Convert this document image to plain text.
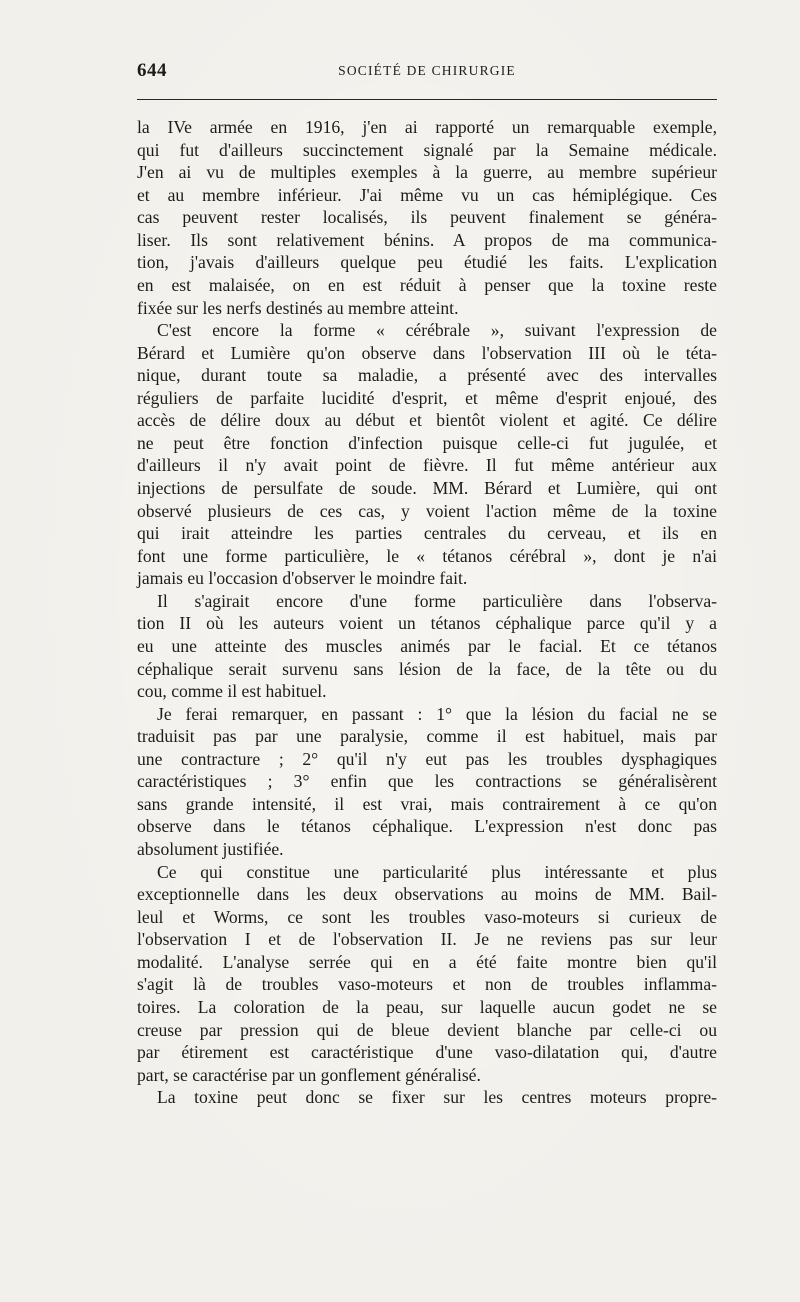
644	SOCIÉTÉ DE CHIRURGIE
la IVe armée en 1916, j'en ai rapporté un remarquable exemple,
qui fut d'ailleurs succinctement signalé par la Semaine médicale.
J'en ai vu de multiples exemples à la guerre, au membre supérieur
et au membre inférieur. J'ai même vu un cas hémiplégique. Ces
cas peuvent rester localisés, ils peuvent finalement se généra-
liser. Ils sont relativement bénins. A propos de ma communica-
tion, j'avais d'ailleurs quelque peu étudié les faits. L'explication
en est malaisée, on en est réduit à penser que la toxine reste
fixée sur les nerfs destinés au membre atteint.
C'est encore la forme « cérébrale », suivant l'expression de
Bérard et Lumière qu'on observe dans l'observation III où le téta-
nique, durant toute sa maladie, a présenté avec des intervalles
réguliers de parfaite lucidité d'esprit, et même d'esprit enjoué, des
accès de délire doux au début et bientôt violent et agité. Ce délire
ne peut être fonction d'infection puisque celle-ci fut jugulée, et
d'ailleurs il n'y avait point de fièvre. Il fut même antérieur aux
injections de persulfate de soude. MM. Bérard et Lumière, qui ont
observé plusieurs de ces cas, y voient l'action même de la toxine
qui irait atteindre les parties centrales du cerveau, et ils en
font une forme particulière, le « tétanos cérébral », dont je n'ai
jamais eu l'occasion d'observer le moindre fait.
Il s'agirait encore d'une forme particulière dans l'observa-
tion II où les auteurs voient un tétanos céphalique parce qu'il y a
eu une atteinte des muscles animés par le facial. Et ce tétanos
céphalique serait survenu sans lésion de la face, de la tête ou du
cou, comme il est habituel.
Je ferai remarquer, en passant : 1° que la lésion du facial ne se
traduisit pas par une paralysie, comme il est habituel, mais par
une contracture ; 2° qu'il n'y eut pas les troubles dysphagiques
caractéristiques ; 3° enfin que les contractions se généralisèrent
sans grande intensité, il est vrai, mais contrairement à ce qu'on
observe dans le tétanos céphalique. L'expression n'est donc pas
absolument justifiée.
Ce qui constitue une particularité plus intéressante et plus
exceptionnelle dans les deux observations au moins de MM. Bail-
leul et Worms, ce sont les troubles vaso-moteurs si curieux de
l'observation I et de l'observation II. Je ne reviens pas sur leur
modalité. L'analyse serrée qui en a été faite montre bien qu'il
s'agit là de troubles vaso-moteurs et non de troubles inflamma-
toires. La coloration de la peau, sur laquelle aucun godet ne se
creuse par pression qui de bleue devient blanche par celle-ci ou
par étirement est caractéristique d'une vaso-dilatation qui, d'autre
part, se caractérise par un gonflement généralisé.
La toxine peut donc se fixer sur les centres moteurs propre-
